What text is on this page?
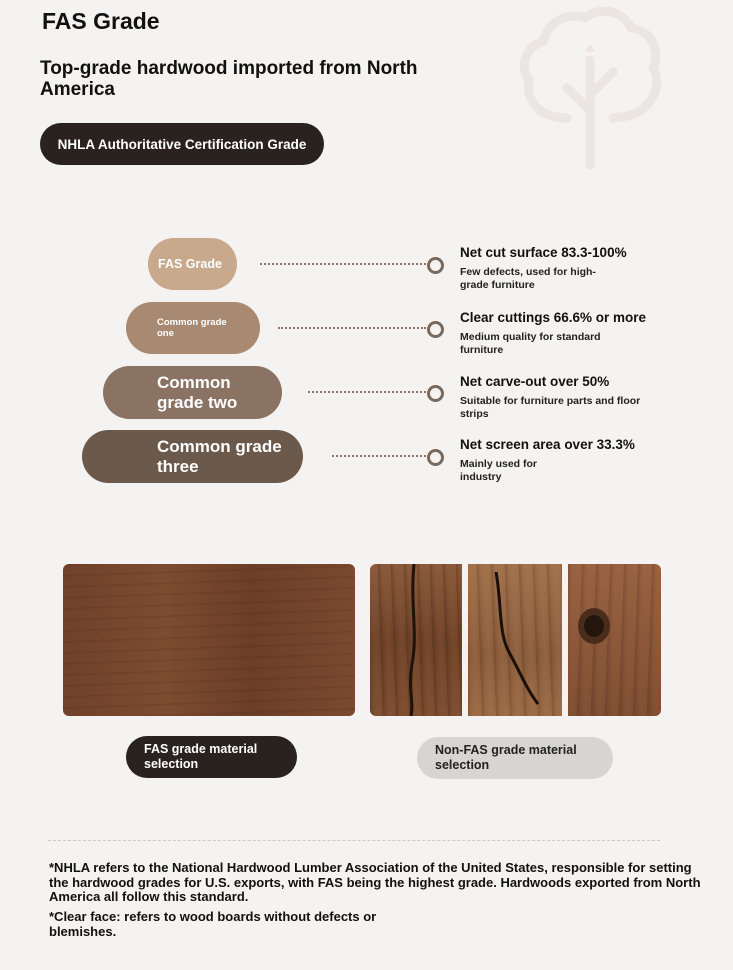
FAS Grade
Top-grade hardwood imported from North America
NHLA Authoritative Certification Grade
FAS Grade
Net cut surface 83.3-100%
Few defects, used for high-grade furniture
Common grade one
Clear cuttings 66.6% or more
Medium quality for standard furniture
Common grade two
Net carve-out over 50%
Suitable for furniture parts and floor strips
Common grade three
Net screen area over 33.3%
Mainly used for industry
FAS grade material selection
Non-FAS grade material selection
*NHLA refers to the National Hardwood Lumber Association of the United States, responsible for setting the hardwood grades for U.S. exports, with FAS being the highest grade. Hardwoods exported from North America all follow this standard.
*Clear face: refers to wood boards without defects or blemishes.
